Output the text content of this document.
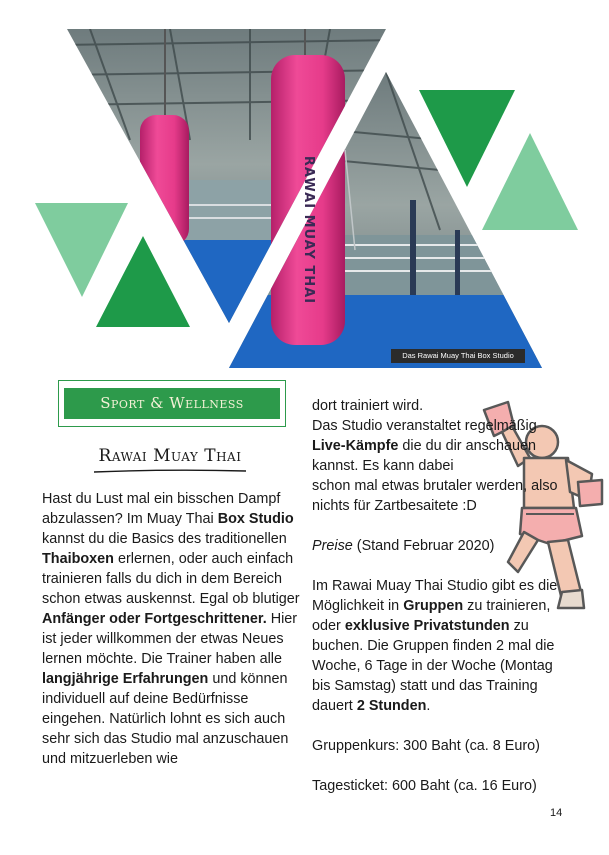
RAWAI MUAY THAI
Das Rawai Muay Thai Box Studio
Sport & Wellness
Rawai Muay Thai
Hast du Lust mal ein bisschen Dampf abzulassen? Im Muay Thai Box Studio kannst du die Basics des traditionellen Thaiboxen erlernen, oder auch einfach trainieren falls du dich in dem Bereich schon etwas auskennst. Egal ob blutiger Anfänger oder Fortgeschrittener. Hier ist jeder willkommen der etwas Neues lernen möchte. Die Trainer haben alle langjährige Erfahrungen und können individuell auf deine Bedürfnisse eingehen. Natürlich lohnt es sich auch sehr sich das Studio mal anzuschauen und mitzuerleben wie

dort trainiert wird.
Das Studio veranstaltet regelmäßig Live-Kämpfe die du dir anschauen kannst. Es kann dabei
schon mal etwas brutaler werden, also nichts für Zartbesaitete :D

Preise (Stand Februar 2020)

Im Rawai Muay Thai Studio gibt es die Möglichkeit in Gruppen zu trainieren, oder exklusive Privatstunden zu buchen. Die Gruppen finden 2 mal die Woche, 6 Tage in der Woche (Montag bis Samstag) statt und das Training dauert 2 Stunden.

Gruppenkurs: 300 Baht (ca. 8 Euro)

Tagesticket: 600 Baht (ca. 16 Euro)

14
